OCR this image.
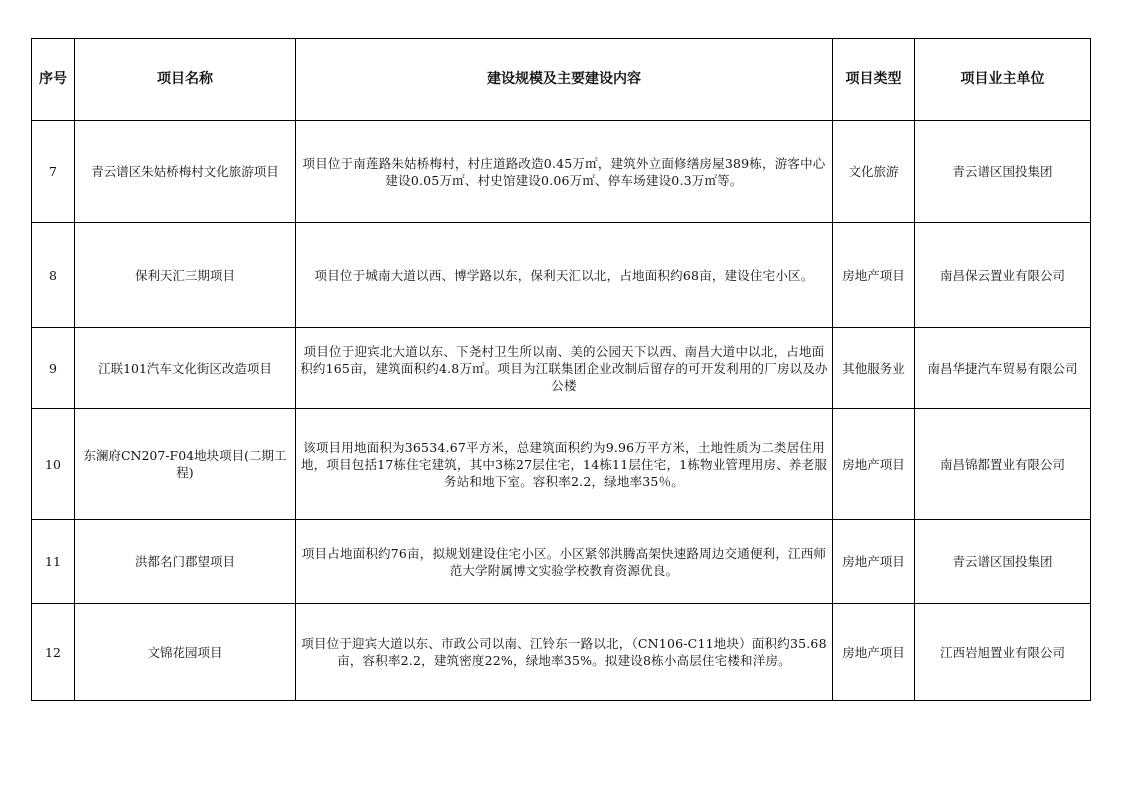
序号	项目名称	建设规模及主要建设内容	项目类型	项目业主单位
7	青云谱区朱姑桥梅村文化旅游项目	项目位于南莲路朱姑桥梅村，村庄道路改造0.45万㎡，建筑外立面修缮房屋389栋，游客中心建设0.05万㎡、村史馆建设0.06万㎡、停车场建设0.3万㎡等。	文化旅游	青云谱区国投集团
8	保利天汇三期项目	项目位于城南大道以西、博学路以东，保利天汇以北，占地面积约68亩，建设住宅小区。	房地产项目	南昌保云置业有限公司
9	江联101汽车文化街区改造项目	项目位于迎宾北大道以东、下尧村卫生所以南、美的公园天下以西、南昌大道中以北，占地面积约165亩，建筑面积约4.8万㎡。项目为江联集团企业改制后留存的可开发利用的厂房以及办公楼	其他服务业	南昌华捷汽车贸易有限公司
10	东澜府CN207-F04地块项目(二期工程)	该项目用地面积为36534.67平方米，总建筑面积约为9.96万平方米，土地性质为二类居住用地，项目包括17栋住宅建筑，其中3栋27层住宅，14栋11层住宅，1栋物业管理用房、养老服务站和地下室。容积率2.2，绿地率35％。	房地产项目	南昌锦都置业有限公司
11	洪都名门郡望项目	项目占地面积约76亩，拟规划建设住宅小区。小区紧邻洪腾高架快速路周边交通便利，江西师范大学附属博文实验学校教育资源优良。	房地产项目	青云谱区国投集团
12	文锦花园项目	项目位于迎宾大道以东、市政公司以南、江铃东一路以北，（CN106-C11地块）面积约35.68亩，容积率2.2，建筑密度22%，绿地率35%。拟建设8栋小高层住宅楼和洋房。	房地产项目	江西岩旭置业有限公司
